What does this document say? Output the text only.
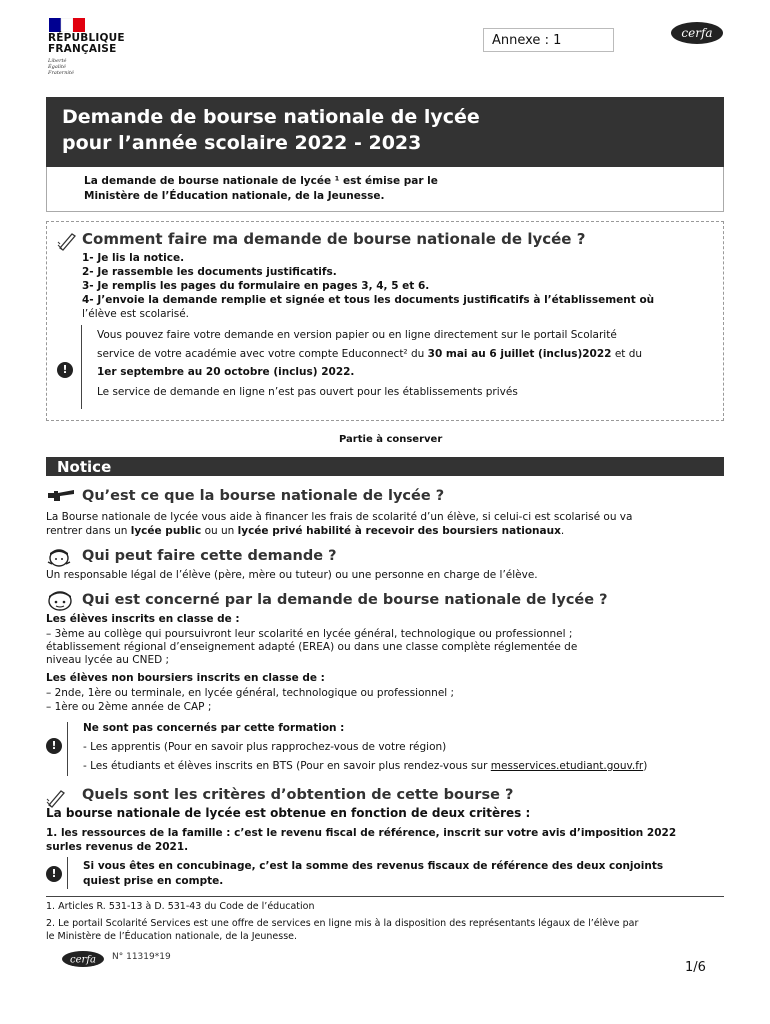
RÉPUBLIQUE
FRANÇAISE
Liberté
Égalité
Fraternité
Annexe : 1	cerfa
Demande de bourse nationale de lycée
pour l’année scolaire 2022 - 2023
La demande de bourse nationale de lycée ¹ est émise par le
Ministère de l’Éducation nationale, de la Jeunesse.
Comment faire ma demande de bourse nationale de lycée ?
1- Je lis la notice.
2- Je rassemble les documents justificatifs.
3- Je remplis les pages du formulaire en pages 3, 4, 5 et 6.
4- J’envoie la demande remplie et signée et tous les documents justificatifs à l’établissement où
l’élève est scolarisé.
!
Vous pouvez faire votre demande en version papier ou en ligne directement sur le portail Scolarité
service de votre académie avec votre compte Educonnect² du 30 mai au 6 juillet (inclus)2022 et du
1er septembre au 20 octobre (inclus) 2022.
Le service de demande en ligne n’est pas ouvert pour les établissements privés
Partie à conserver
Notice
Qu’est ce que la bourse nationale de lycée ?
La Bourse nationale de lycée vous aide à financer les frais de scolarité d’un élève, si celui-ci est scolarisé ou va
rentrer dans un lycée public ou un lycée privé habilité à recevoir des boursiers nationaux.
Qui peut faire cette demande ?
Un responsable légal de l’élève (père, mère ou tuteur) ou une personne en charge de l’élève.
Qui est concerné par la demande de bourse nationale de lycée ?
Les élèves inscrits en classe de :
– 3ème au collège qui poursuivront leur scolarité en lycée général, technologique ou professionnel ;
établissement régional d’enseignement adapté (EREA) ou dans une classe complète réglementée de
niveau lycée au CNED ;
Les élèves non boursiers inscrits en classe de :
– 2nde, 1ère ou terminale, en lycée général, technologique ou professionnel ;
– 1ère ou 2ème année de CAP ;
!
Ne sont pas concernés par cette formation :
- Les apprentis (Pour en savoir plus rapprochez-vous de votre région)
- Les étudiants et élèves inscrits en BTS (Pour en savoir plus rendez-vous sur messervices.etudiant.gouv.fr)
Quels sont les critères d’obtention de cette bourse ?
La bourse nationale de lycée est obtenue en fonction de deux critères :
1. les ressources de la famille : c’est le revenu fiscal de référence, inscrit sur votre avis d’imposition 2022
surles revenus de 2021.
!
Si vous êtes en concubinage, c’est la somme des revenus fiscaux de référence des deux conjoints
quiest prise en compte.
1. Articles R. 531-13 à D. 531-43 du Code de l’éducation
2. Le portail Scolarité Services est une offre de services en ligne mis à la disposition des représentants légaux de l’élève par
le Ministère de l’Éducation nationale, de la Jeunesse.
cerfa N° 11319*19
1/6
